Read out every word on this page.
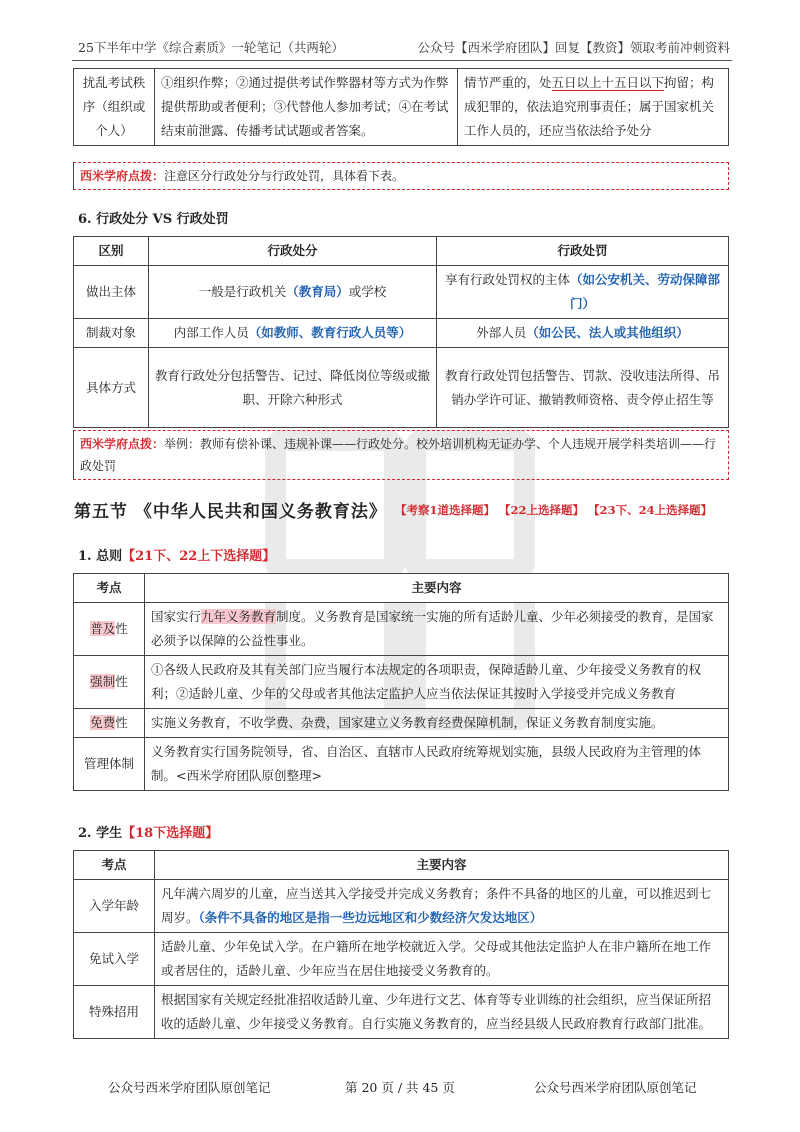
25下半年中学《综合素质》一轮笔记（共两轮）	公众号【西米学府团队】回复【教资】领取考前冲刺资料
扰乱考试秩序（组织或个人）	①组织作弊；②通过提供考试作弊器材等方式为作弊提供帮助或者便利；③代替他人参加考试；④在考试结束前泄露、传播考试试题或者答案。	情节严重的，处五日以上十五日以下拘留；构成犯罪的，依法追究刑事责任；属于国家机关工作人员的，还应当依法给予处分
西米学府点拨：注意区分行政处分与行政处罚，具体看下表。
6. 行政处分 VS 行政处罚
区别	行政处分	行政处罚
做出主体	一般是行政机关（教育局）或学校	享有行政处罚权的主体（如公安机关、劳动保障部门）
制裁对象	内部工作人员（如教师、教育行政人员等）	外部人员（如公民、法人或其他组织）
具体方式	教育行政处分包括警告、记过、降低岗位等级或撤职、开除六种形式	教育行政处罚包括警告、罚款、没收违法所得、吊销办学许可证、撤销教师资格、责令停止招生等
西米学府点拨：举例：教师有偿补课、违规补课——行政处分。校外培训机构无证办学、个人违规开展学科类培训——行政处罚
第五节 《中华人民共和国义务教育法》 【考察1道选择题】 【22上选择题】 【23下、24上选择题】
1. 总则【21下、22上下选择题】
考点	主要内容
普及性	国家实行九年义务教育制度。义务教育是国家统一实施的所有适龄儿童、少年必须接受的教育，是国家必须予以保障的公益性事业。
强制性	①各级人民政府及其有关部门应当履行本法规定的各项职责，保障适龄儿童、少年接受义务教育的权利；②适龄儿童、少年的父母或者其他法定监护人应当依法保证其按时入学接受并完成义务教育
免费性	实施义务教育，不收学费、杂费，国家建立义务教育经费保障机制，保证义务教育制度实施。
管理体制	义务教育实行国务院领导，省、自治区、直辖市人民政府统筹规划实施，县级人民政府为主管理的体制。<西米学府团队原创整理>
2. 学生【18下选择题】
考点	主要内容
入学年龄	凡年满六周岁的儿童，应当送其入学接受并完成义务教育；条件不具备的地区的儿童，可以推迟到七周岁。（条件不具备的地区是指一些边远地区和少数经济欠发达地区）
免试入学	适龄儿童、少年免试入学。在户籍所在地学校就近入学。父母或其他法定监护人在非户籍所在地工作或者居住的，适龄儿童、少年应当在居住地接受义务教育的。
特殊招用	根据国家有关规定经批准招收适龄儿童、少年进行文艺、体育等专业训练的社会组织，应当保证所招收的适龄儿童、少年接受义务教育。自行实施义务教育的，应当经县级人民政府教育行政部门批准。
公众号西米学府团队原创笔记	第 20 页 / 共 45 页	公众号西米学府团队原创笔记
